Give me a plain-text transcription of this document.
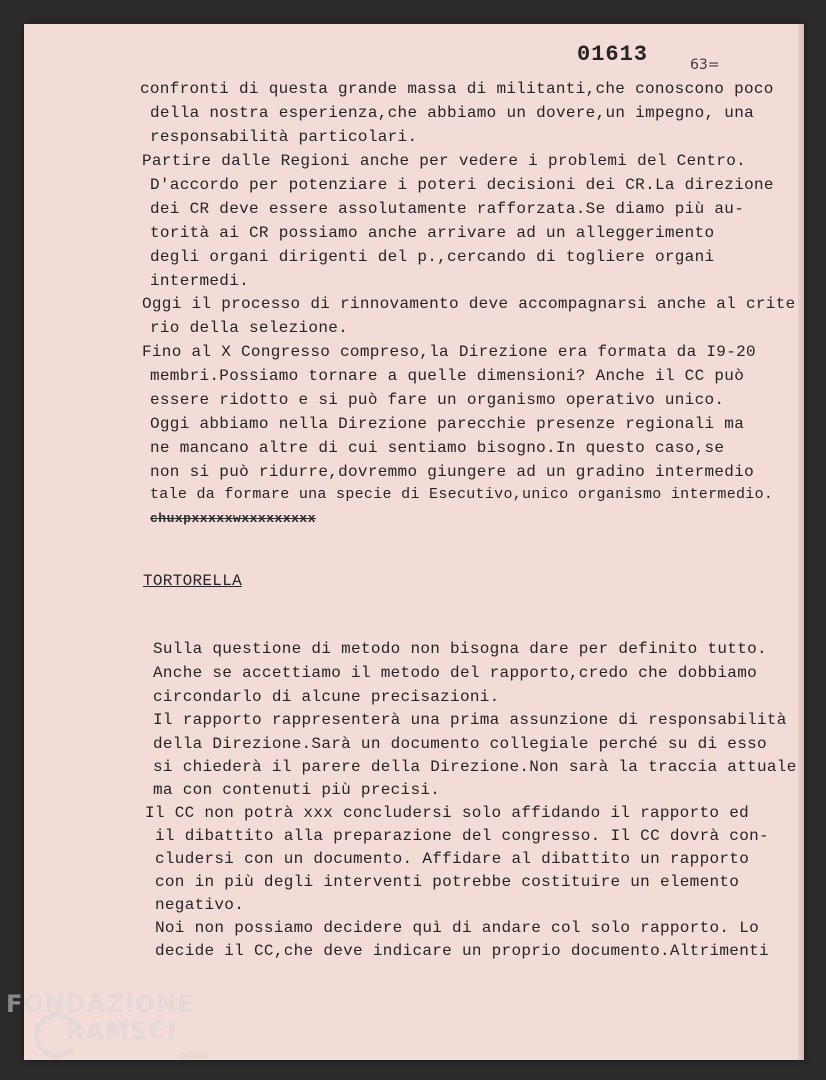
01613	63=
confronti di questa grande massa di militanti,che conoscono poco
della nostra esperienza,che abbiamo un dovere,un impegno, una
responsabilità particolari.
Partire dalle Regioni anche per vedere i problemi del Centro.
D'accordo per potenziare i poteri decisioni dei CR.La direzione
dei CR deve essere assolutamente rafforzata.Se diamo più au-
torità ai CR possiamo anche arrivare ad un alleggerimento
degli organi dirigenti del p.,cercando di togliere organi
intermedi.
Oggi il processo di rinnovamento deve accompagnarsi anche al crite
rio della selezione.
Fino al X Congresso compreso,la Direzione era formata da I9-20
membri.Possiamo tornare a quelle dimensioni? Anche il CC può
essere ridotto e si può fare un organismo operativo unico.
Oggi abbiamo nella Direzione parecchie presenze regionali ma
ne mancano altre di cui sentiamo bisogno.In questo caso,se
non si può ridurre,dovremmo giungere ad un gradino intermedio
tale da formare una specie di Esecutivo,unico organismo intermedio.
chuxpxxxxxwxxxxxxxxx
TORTORELLA
Sulla questione di metodo non bisogna dare per definito tutto.
Anche se accettiamo il metodo del rapporto,credo che dobbiamo
circondarlo di alcune precisazioni.
Il rapporto rappresenterà una prima assunzione di responsabilità
della Direzione.Sarà un documento collegiale perché su di esso
si chiederà il parere della Direzione.Non sarà la traccia attuale
ma con contenuti più precisi.
Il CC non potrà xxx concludersi solo affidando il rapporto ed
il dibattito alla preparazione del congresso. Il CC dovrà con-
cludersi con un documento. Affidare al dibattito un rapporto
con in più degli interventi potrebbe costituire un elemento
negativo.
Noi non possiamo decidere quì di andare col solo rapporto. Lo
decide il CC,che deve indicare un proprio documento.Altrimenti
FONDAZIONE
RAMSCI
onlus
